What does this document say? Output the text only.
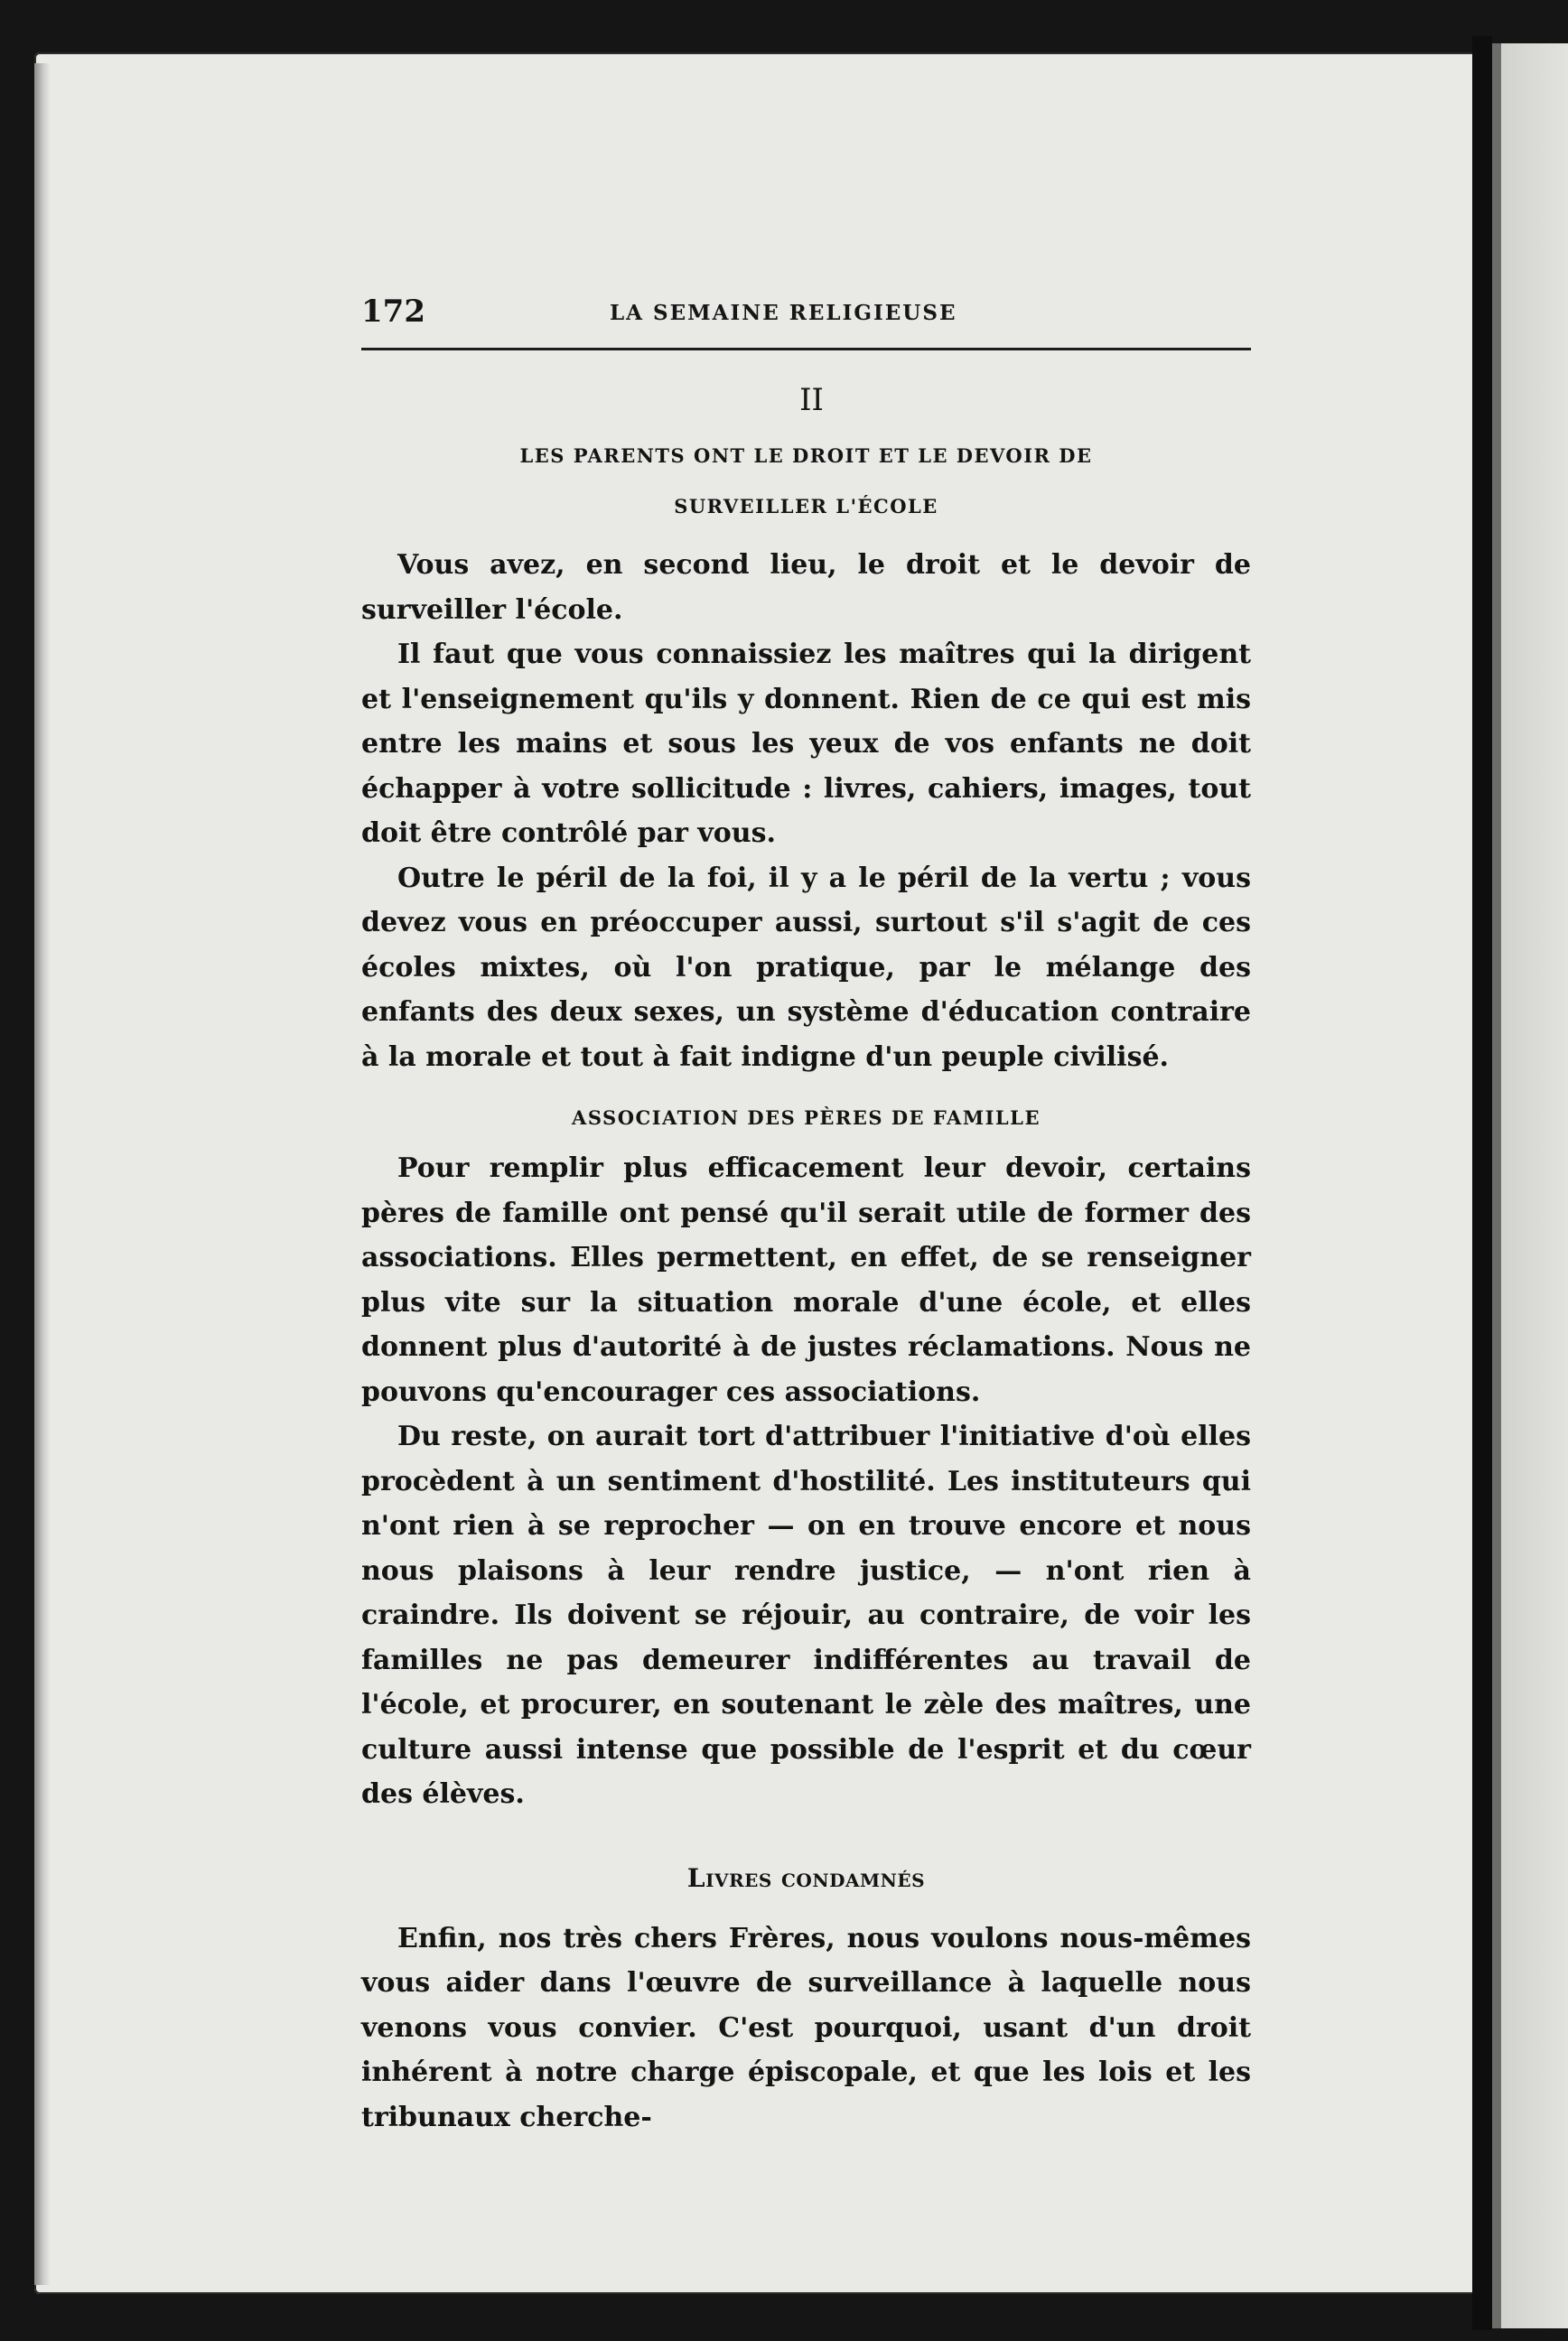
172	LA SEMAINE RELIGIEUSE
II
LES PARENTS ONT LE DROIT ET LE DEVOIR DE
SURVEILLER L'ÉCOLE

Vous avez, en second lieu, le droit et le devoir de surveiller l'école.

Il faut que vous connaissiez les maîtres qui la dirigent et l'enseignement qu'ils y donnent. Rien de ce qui est mis entre les mains et sous les yeux de vos enfants ne doit échapper à votre sollicitude : livres, cahiers, images, tout doit être contrôlé par vous.

Outre le péril de la foi, il y a le péril de la vertu ; vous devez vous en préoccuper aussi, surtout s'il s'agit de ces écoles mixtes, où l'on pratique, par le mélange des enfants des deux sexes, un système d'éducation contraire à la morale et tout à fait indigne d'un peuple civilisé.

ASSOCIATION DES PÈRES DE FAMILLE

Pour remplir plus efficacement leur devoir, certains pères de famille ont pensé qu'il serait utile de former des associations. Elles permettent, en effet, de se renseigner plus vite sur la situation morale d'une école, et elles donnent plus d'autorité à de justes réclamations. Nous ne pouvons qu'encourager ces associations.

Du reste, on aurait tort d'attribuer l'initiative d'où elles procèdent à un sentiment d'hostilité. Les instituteurs qui n'ont rien à se reprocher — on en trouve encore et nous nous plaisons à leur rendre justice, — n'ont rien à craindre. Ils doivent se réjouir, au contraire, de voir les familles ne pas demeurer indifférentes au travail de l'école, et procurer, en soutenant le zèle des maîtres, une culture aussi intense que possible de l'esprit et du cœur des élèves.

Livres condamnés

Enfin, nos très chers Frères, nous voulons nous-mêmes vous aider dans l'œuvre de surveillance à laquelle nous venons vous convier. C'est pourquoi, usant d'un droit inhérent à notre charge épiscopale, et que les lois et les tribunaux cherche-
